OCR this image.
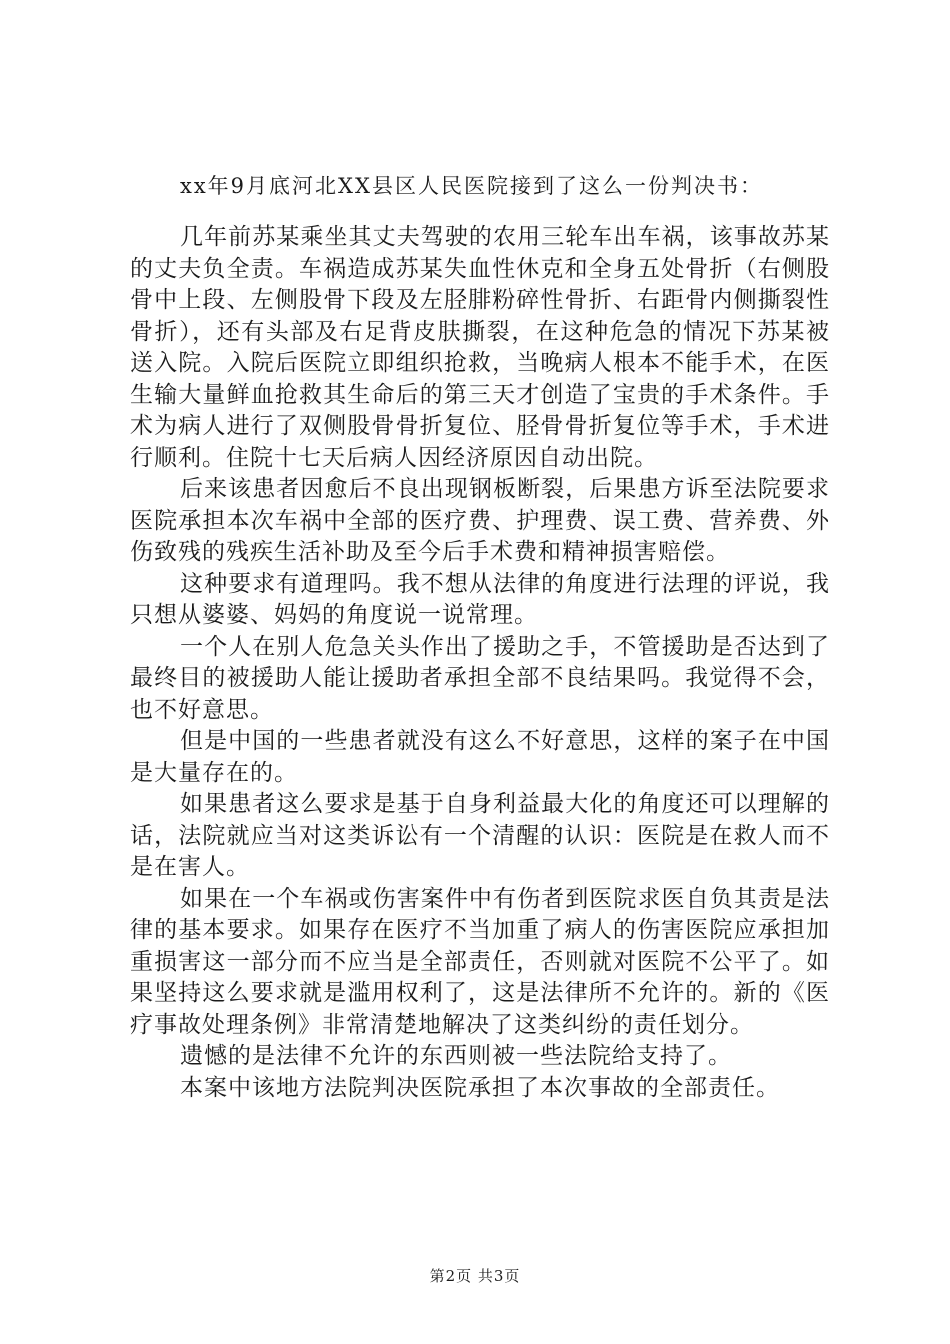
xx年9月底河北XX县区人民医院接到了这么一份判决书：

几年前苏某乘坐其丈夫驾驶的农用三轮车出车祸，该事故苏某的丈夫负全责。车祸造成苏某失血性休克和全身五处骨折（右侧股骨中上段、左侧股骨下段及左胫腓粉碎性骨折、右距骨内侧撕裂性骨折），还有头部及右足背皮肤撕裂，在这种危急的情况下苏某被送入院。入院后医院立即组织抢救，当晚病人根本不能手术，在医生输大量鲜血抢救其生命后的第三天才创造了宝贵的手术条件。手术为病人进行了双侧股骨骨折复位、胫骨骨折复位等手术，手术进行顺利。住院十七天后病人因经济原因自动出院。

后来该患者因愈后不良出现钢板断裂，后果患方诉至法院要求医院承担本次车祸中全部的医疗费、护理费、误工费、营养费、外伤致残的残疾生活补助及至今后手术费和精神损害赔偿。

这种要求有道理吗。我不想从法律的角度进行法理的评说，我只想从婆婆、妈妈的角度说一说常理。

一个人在别人危急关头作出了援助之手，不管援助是否达到了最终目的被援助人能让援助者承担全部不良结果吗。我觉得不会，也不好意思。

但是中国的一些患者就没有这么不好意思，这样的案子在中国是大量存在的。

如果患者这么要求是基于自身利益最大化的角度还可以理解的话，法院就应当对这类诉讼有一个清醒的认识：医院是在救人而不是在害人。

如果在一个车祸或伤害案件中有伤者到医院求医自负其责是法律的基本要求。如果存在医疗不当加重了病人的伤害医院应承担加重损害这一部分而不应当是全部责任，否则就对医院不公平了。如果坚持这么要求就是滥用权利了，这是法律所不允许的。新的《医疗事故处理条例》非常清楚地解决了这类纠纷的责任划分。

遗憾的是法律不允许的东西则被一些法院给支持了。

本案中该地方法院判决医院承担了本次事故的全部责任。

第2页 共3页
